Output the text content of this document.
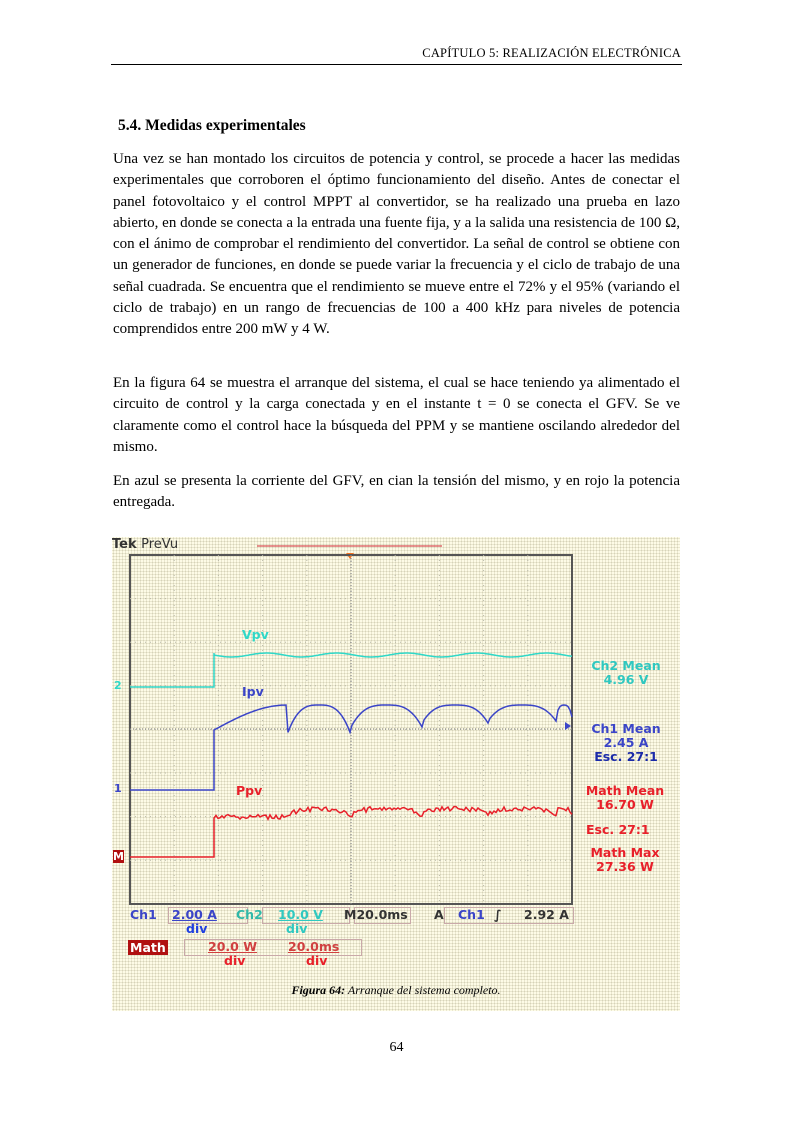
CAPÍTULO 5: REALIZACIÓN ELECTRÓNICA
5.4. Medidas experimentales
Una vez se han montado los circuitos de potencia y control, se procede a hacer las medidas experimentales que corroboren el óptimo funcionamiento del diseño. Antes de conectar el panel fotovoltaico y el control MPPT al convertidor, se ha realizado una prueba en lazo abierto, en donde se conecta a la entrada una fuente fija, y a la salida una resistencia de 100 Ω, con el ánimo de comprobar el rendimiento del convertidor. La señal de control se obtiene con un generador de funciones, en donde se puede variar la frecuencia y el ciclo de trabajo de una señal cuadrada. Se encuentra que el rendimiento se mueve entre el 72% y el 95% (variando el ciclo de trabajo) en un rango de frecuencias de 100 a 400 kHz para niveles de potencia comprendidos entre 200 mW y 4 W.
En la figura 64 se muestra el arranque del sistema, el cual se hace teniendo ya alimentado el circuito de control y la carga conectada y en el instante t = 0 se conecta el GFV. Se ve claramente como el control hace la búsqueda del PPM y se mantiene oscilando alrededor del mismo.
En azul se presenta la corriente del GFV, en cian la tensión del mismo, y en rojo la potencia entregada.
Tek PreVu
Vpv
Ipv
Ppv
2
1
M
Ch2 Mean
4.96 V
Ch1 Mean
2.45 A
Esc. 27:1
Math Mean
16.70 W
Esc. 27:1
Math Max
27.36 W
Ch1 2.00 A
div
Ch2 10.0 V
div
M20.0ms A Ch1 ∫ 2.92 A
Math	20.0 W
div
20.0ms
div
Figura 64: Arranque del sistema completo.
64
